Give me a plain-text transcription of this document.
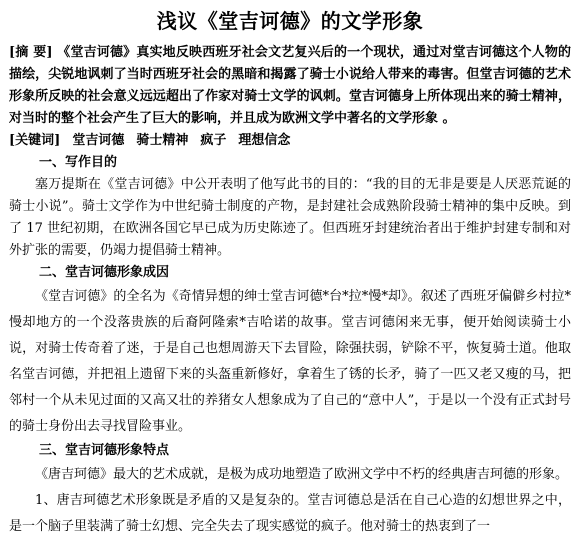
浅议《堂吉诃德》的文学形象

[摘 要] 《堂吉诃德》真实地反映西班牙社会文艺复兴后的一个现状，通过对堂吉诃德这个人物的描绘，尖锐地讽刺了当时西班牙社会的黑暗和揭露了骑士小说给人带来的毒害。但堂吉诃德的艺术形象所反映的社会意义远远超出了作家对骑士文学的讽刺。堂吉诃德身上所体现出来的骑士精神，对当时的整个社会产生了巨大的影响，并且成为欧洲文学中著名的文学形象 。

[关键词] 堂吉诃德 骑士精神 疯子 理想信念

一、写作目的

塞万提斯在《堂吉诃德》中公开表明了他写此书的目的：“我的目的无非是要是人厌恶荒诞的骑士小说”。骑士文学作为中世纪骑士制度的产物，是封建社会成熟阶段骑士精神的集中反映。到了 17 世纪初期，在欧洲各国它早已成为历史陈迹了。但西班牙封建统治者出于维护封建专制和对外扩张的需要，仍竭力提倡骑士精神。

二、堂吉诃德形象成因

《堂吉诃德》的全名为《奇情异想的绅士堂吉诃德*台*拉*慢*却》。叙述了西班牙偏僻乡村拉*慢却地方的一个没落贵族的后裔阿隆索*吉哈诺的故事。堂吉诃德闲来无事，便开始阅读骑士小说，对骑士传奇着了迷，于是自己也想周游天下去冒险，除强扶弱，铲除不平，恢复骑士道。他取名堂吉诃德，并把祖上遗留下来的头盔重新修好，拿着生了锈的长矛，骑了一匹又老又瘦的马，把邻村一个从未见过面的又高又壮的养猪女人想象成为了自己的“意中人”，于是以一个没有正式封号的骑士身份出去寻找冒险事业。

三、堂吉诃德形象特点

《唐吉珂德》最大的艺术成就，是极为成功地塑造了欧洲文学中不朽的经典唐吉珂德的形象。

1、唐吉珂德艺术形象既是矛盾的又是复杂的。堂吉诃德总是活在自己心造的幻想世界之中，是一个脑子里装满了骑士幻想、完全失去了现实感觉的疯子。他对骑士的热衷到了一
